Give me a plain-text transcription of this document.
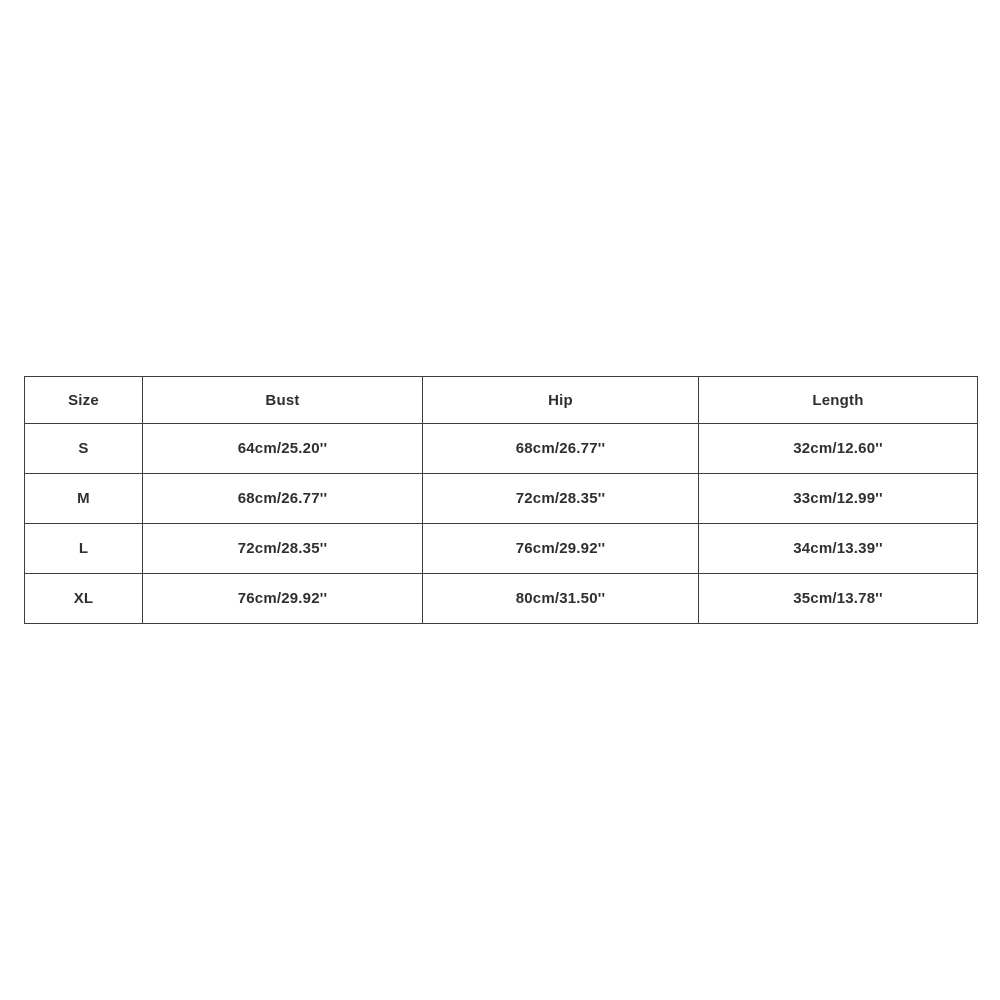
Size	Bust	Hip	Length
S	64cm/25.20''	68cm/26.77''	32cm/12.60''
M	68cm/26.77''	72cm/28.35''	33cm/12.99''
L	72cm/28.35''	76cm/29.92''	34cm/13.39''
XL	76cm/29.92''	80cm/31.50''	35cm/13.78''
